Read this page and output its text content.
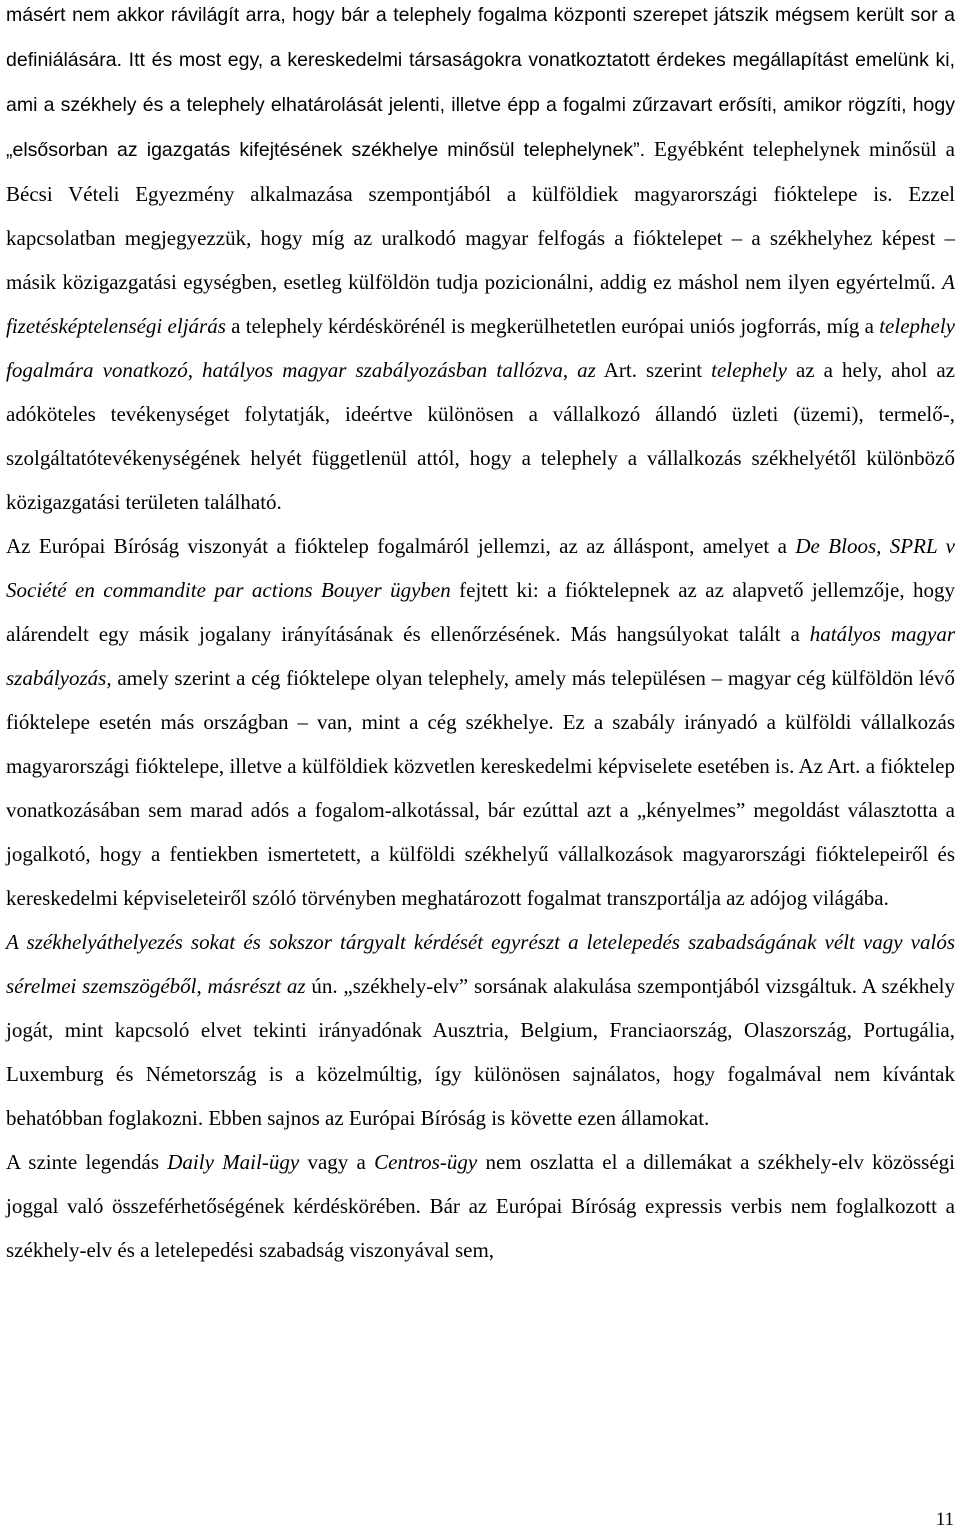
másért nem akkor rávilágít arra, hogy bár a telephely fogalma központi szerepet játszik mégsem került sor a definiálására. Itt és most egy, a kereskedelmi társaságokra vonatkoztatott érdekes megállapítást emelünk ki, ami a székhely és a telephely elhatárolását jelenti, illetve épp a fogalmi zűrzavart erősíti, amikor rögzíti, hogy „elsősorban az igazgatás kifejtésének székhelye minősül telephelynek”. Egyébként telephelynek minősül a Bécsi Vételi Egyezmény alkalmazása szempontjából a külföldiek magyarországi fióktelepe is. Ezzel kapcsolatban megjegyezzük, hogy míg az uralkodó magyar felfogás a fióktelepet – a székhelyhez képest – másik közigazgatási egységben, esetleg külföldön tudja pozicionálni, addig ez máshol nem ilyen egyértelmű. A fizetésképtelenségi eljárás a telephely kérdéskörénél is megkerülhetetlen európai uniós jogforrás, míg a telephely fogalmára vonatkozó, hatályos magyar szabályozásban tallózva, az Art. szerint telephely az a hely, ahol az adóköteles tevékenységet folytatják, ideértve különösen a vállalkozó állandó üzleti (üzemi), termelő-, szolgáltatótevékenységének helyét függetlenül attól, hogy a telephely a vállalkozás székhelyétől különböző közigazgatási területen található.

Az Európai Bíróság viszonyát a fióktelep fogalmáról jellemzi, az az álláspont, amelyet a De Bloos, SPRL v Société en commandite par actions Bouyer ügyben fejtett ki: a fióktelepnek az az alapvető jellemzője, hogy alárendelt egy másik jogalany irányításának és ellenőrzésének. Más hangsúlyokat talált a hatályos magyar szabályozás, amely szerint a cég fióktelepe olyan telephely, amely más településen – magyar cég külföldön lévő fióktelepe esetén más országban – van, mint a cég székhelye. Ez a szabály irányadó a külföldi vállalkozás magyarországi fióktelepe, illetve a külföldiek közvetlen kereskedelmi képviselete esetében is. Az Art. a fióktelep vonatkozásában sem marad adós a fogalom-alkotással, bár ezúttal azt a „kényelmes” megoldást választotta a jogalkotó, hogy a fentiekben ismertetett, a külföldi székhelyű vállalkozások magyarországi fióktelepeiről és kereskedelmi képviseleteiről szóló törvényben meghatározott fogalmat transzportálja az adójog világába.

A székhelyáthelyezés sokat és sokszor tárgyalt kérdését egyrészt a letelepedés szabadságának vélt vagy valós sérelmei szemszögéből, másrészt az ún. „székhely-elv” sorsának alakulása szempontjából vizsgáltuk. A székhely jogát, mint kapcsoló elvet tekinti irányadónak Ausztria, Belgium, Franciaország, Olaszország, Portugália, Luxemburg és Németország is a közelmúltig, így különösen sajnálatos, hogy fogalmával nem kívántak behatóbban foglakozni. Ebben sajnos az Európai Bíróság is követte ezen államokat.

A szinte legendás Daily Mail-ügy vagy a Centros-ügy nem oszlatta el a dillemákat a székhely-elv közösségi joggal való összeférhetőségének kérdéskörében. Bár az Európai Bíróság expressis verbis nem foglalkozott a székhely-elv és a letelepedési szabadság viszonyával sem,

11
